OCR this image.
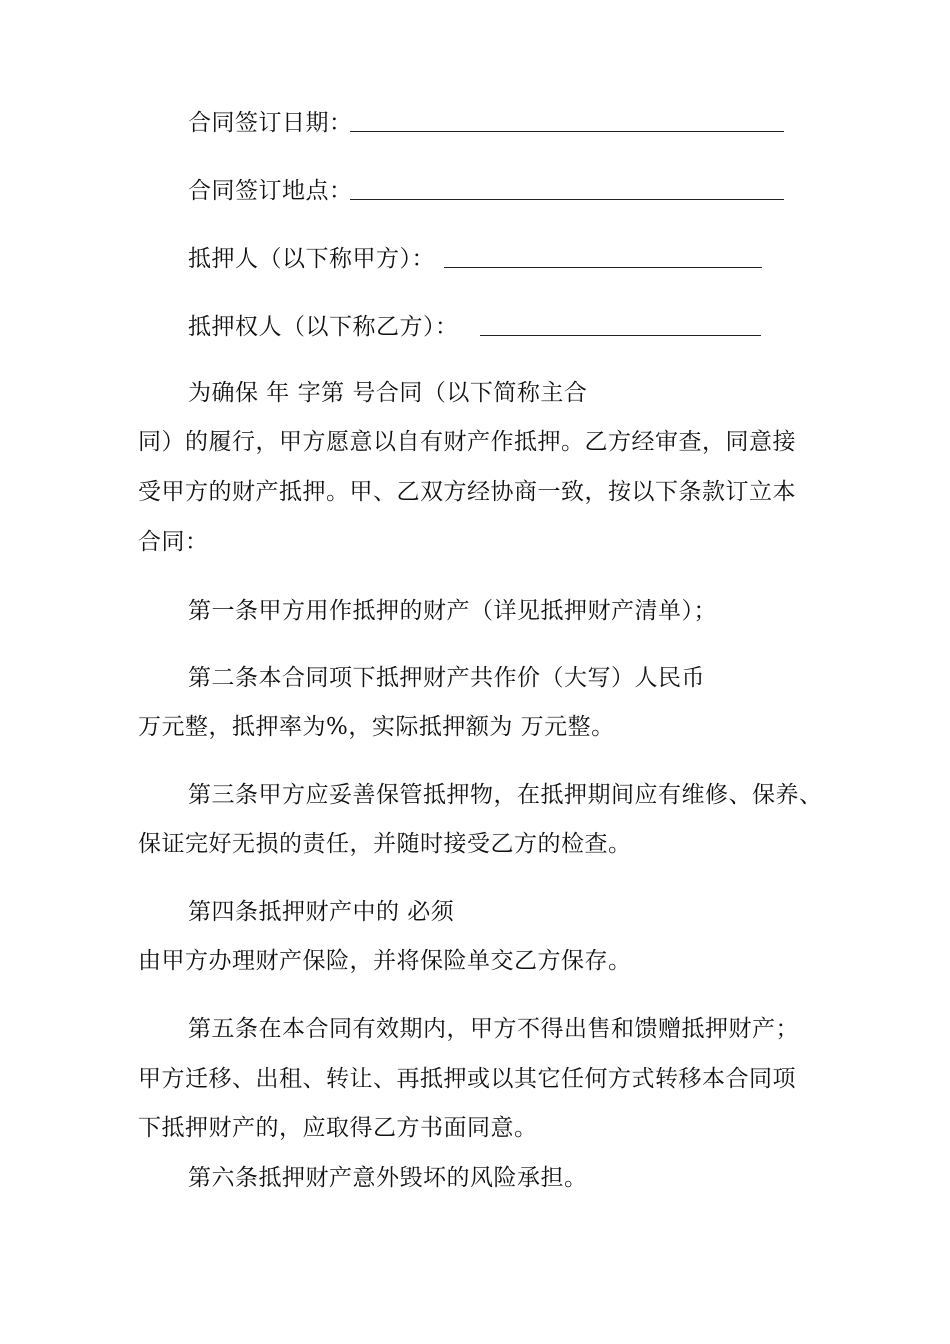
合同签订日期：
合同签订地点：
抵押人（以下称甲方）：
抵押权人（以下称乙方）：
为确保 年 字第 号合同（以下简称主合
同）的履行，甲方愿意以自有财产作抵押。乙方经审查，同意接
受甲方的财产抵押。甲、乙双方经协商一致，按以下条款订立本
合同：
第一条甲方用作抵押的财产（详见抵押财产清单）；
第二条本合同项下抵押财产共作价（大写）人民币
万元整，抵押率为%，实际抵押额为 万元整。
第三条甲方应妥善保管抵押物，在抵押期间应有维修、保养、
保证完好无损的责任，并随时接受乙方的检查。
第四条抵押财产中的 必须
由甲方办理财产保险，并将保险单交乙方保存。
第五条在本合同有效期内，甲方不得出售和馈赠抵押财产；
甲方迁移、出租、转让、再抵押或以其它任何方式转移本合同项
下抵押财产的，应取得乙方书面同意。
第六条抵押财产意外毁坏的风险承担。
